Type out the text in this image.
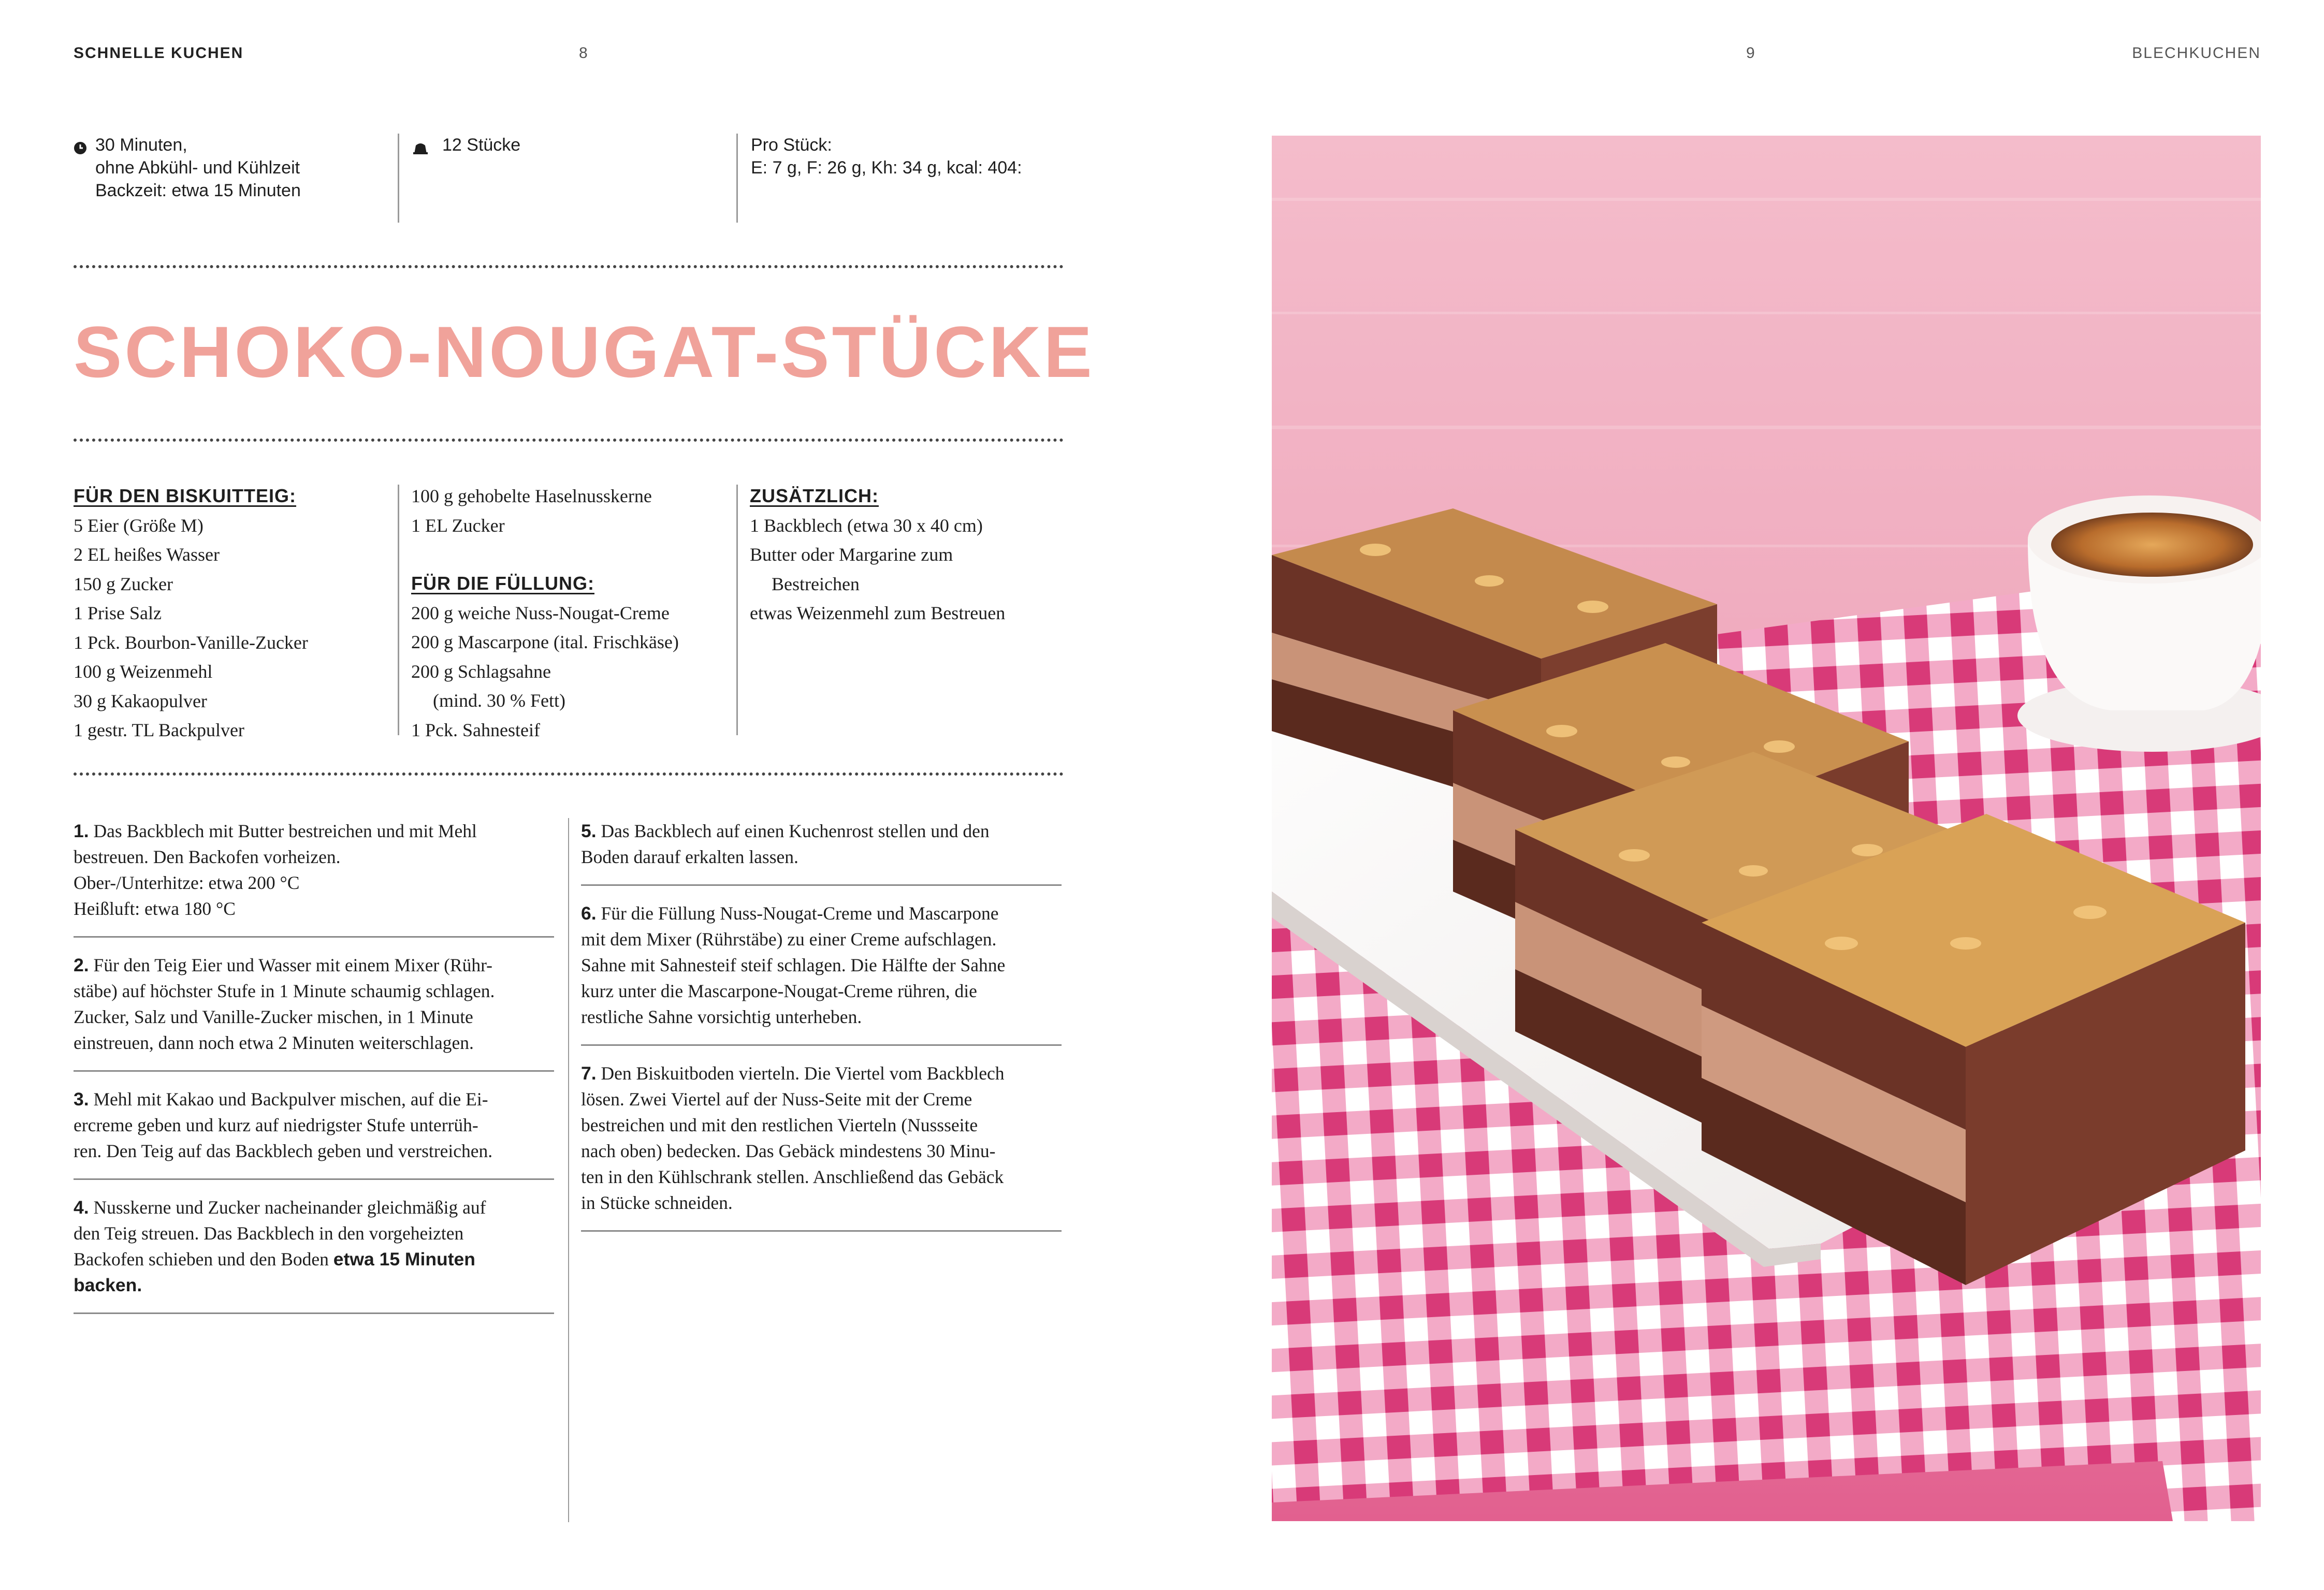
SCHNELLE KUCHEN	8	9	BLECHKUCHEN
30 Minuten,
ohne Abkühl- und Kühlzeit
Backzeit: etwa 15 Minuten
12 Stücke	Pro Stück:
E: 7 g, F: 26 g, Kh: 34 g, kcal: 404:
SCHOKO-NOUGAT-STÜCKE
FÜR DEN BISKUITTEIG:
5 Eier (Größe M)
2 EL heißes Wasser
150 g Zucker
1 Prise Salz
1 Pck. Bourbon-Vanille-Zucker
100 g Weizenmehl
30 g Kakaopulver
1 gestr. TL Backpulver
100 g gehobelte Haselnusskerne
1 EL Zucker
FÜR DIE FÜLLUNG:
200 g weiche Nuss-Nougat-Creme
200 g Mascarpone (ital. Frischkäse)
200 g Schlagsahne
(mind. 30 % Fett)
1 Pck. Sahnesteif
ZUSÄTZLICH:
1 Backblech (etwa 30 x 40 cm)
Butter oder Margarine zum
Bestreichen
etwas Weizenmehl zum Bestreuen
1. Das Backblech mit Butter bestreichen und mit Mehl
bestreuen. Den Backofen vorheizen.
Ober-/Unterhitze: etwa 200 °C
Heißluft: etwa 180 °C
2. Für den Teig Eier und Wasser mit einem Mixer (Rühr-
stäbe) auf höchster Stufe in 1 Minute schaumig schlagen.
Zucker, Salz und Vanille-Zucker mischen, in 1 Minute
einstreuen, dann noch etwa 2 Minuten weiterschlagen.
3. Mehl mit Kakao und Backpulver mischen, auf die Ei-
ercreme geben und kurz auf niedrigster Stufe unterrüh-
ren. Den Teig auf das Backblech geben und verstreichen.
4. Nusskerne und Zucker nacheinander gleichmäßig auf
den Teig streuen. Das Backblech in den vorgeheizten
Backofen schieben und den Boden etwa 15 Minuten
backen.
5. Das Backblech auf einen Kuchenrost stellen und den
Boden darauf erkalten lassen.
6. Für die Füllung Nuss-Nougat-Creme und Mascarpone
mit dem Mixer (Rührstäbe) zu einer Creme aufschlagen.
Sahne mit Sahnesteif steif schlagen. Die Hälfte der Sahne
kurz unter die Mascarpone-Nougat-Creme rühren, die
restliche Sahne vorsichtig unterheben.
7. Den Biskuitboden vierteln. Die Viertel vom Backblech
lösen. Zwei Viertel auf der Nuss-Seite mit der Creme
bestreichen und mit den restlichen Vierteln (Nussseite
nach oben) bedecken. Das Gebäck mindestens 30 Minu-
ten in den Kühlschrank stellen. Anschließend das Gebäck
in Stücke schneiden.
